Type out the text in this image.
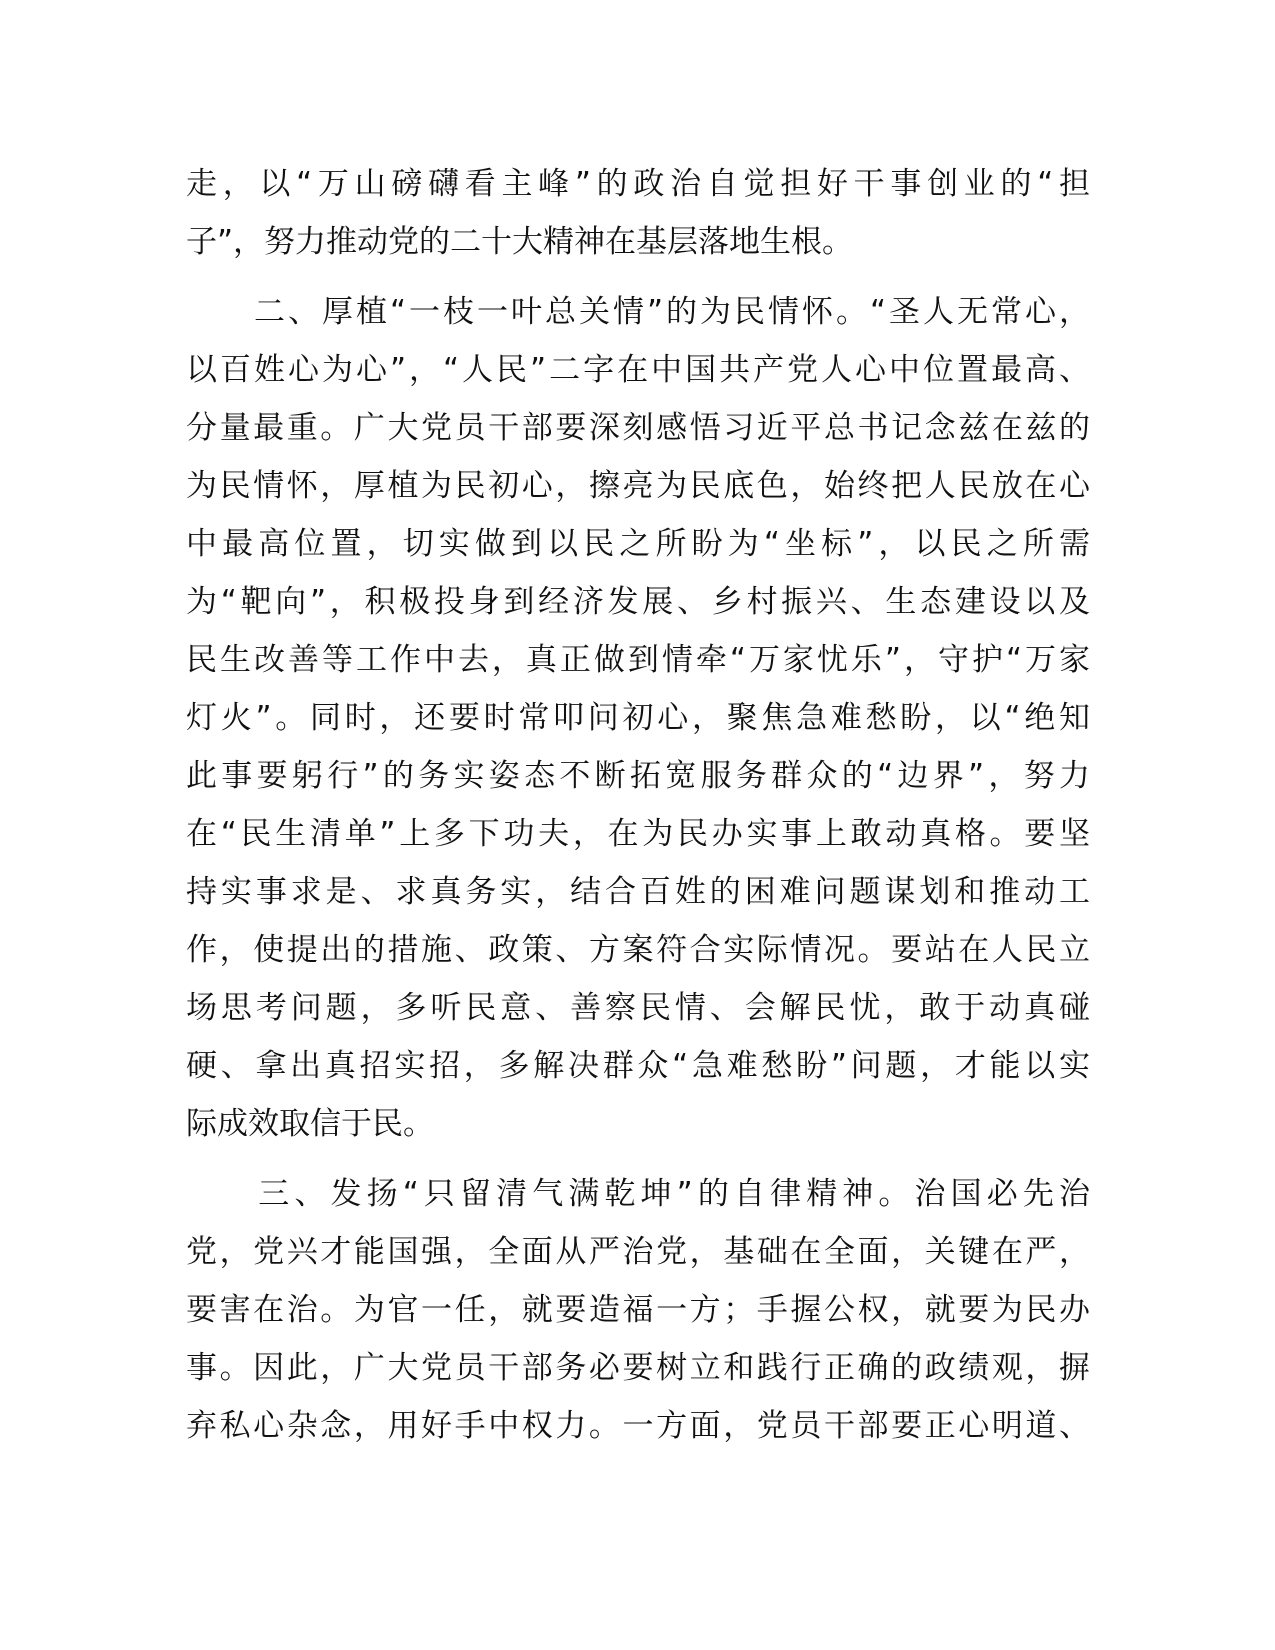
走，以“万山磅礴看主峰”的政治自觉担好干事创业的“担
子”，努力推动党的二十大精神在基层落地生根。
　　二、厚植“一枝一叶总关情”的为民情怀。“圣人无常心，
以百姓心为心”，“人民”二字在中国共产党人心中位置最高、
分量最重。广大党员干部要深刻感悟习近平总书记念兹在兹的
为民情怀，厚植为民初心，擦亮为民底色，始终把人民放在心
中最高位置，切实做到以民之所盼为“坐标”，以民之所需
为“靶向”，积极投身到经济发展、乡村振兴、生态建设以及
民生改善等工作中去，真正做到情牵“万家忧乐”，守护“万家
灯火”。同时，还要时常叩问初心，聚焦急难愁盼，以“绝知
此事要躬行”的务实姿态不断拓宽服务群众的“边界”，努力
在“民生清单”上多下功夫，在为民办实事上敢动真格。要坚
持实事求是、求真务实，结合百姓的困难问题谋划和推动工
作，使提出的措施、政策、方案符合实际情况。要站在人民立
场思考问题，多听民意、善察民情、会解民忧，敢于动真碰
硬、拿出真招实招，多解决群众“急难愁盼”问题，才能以实
际成效取信于民。
　　三、发扬“只留清气满乾坤”的自律精神。治国必先治
党，党兴才能国强，全面从严治党，基础在全面，关键在严，
要害在治。为官一任，就要造福一方；手握公权，就要为民办
事。因此，广大党员干部务必要树立和践行正确的政绩观，摒
弃私心杂念，用好手中权力。一方面，党员干部要正心明道、
